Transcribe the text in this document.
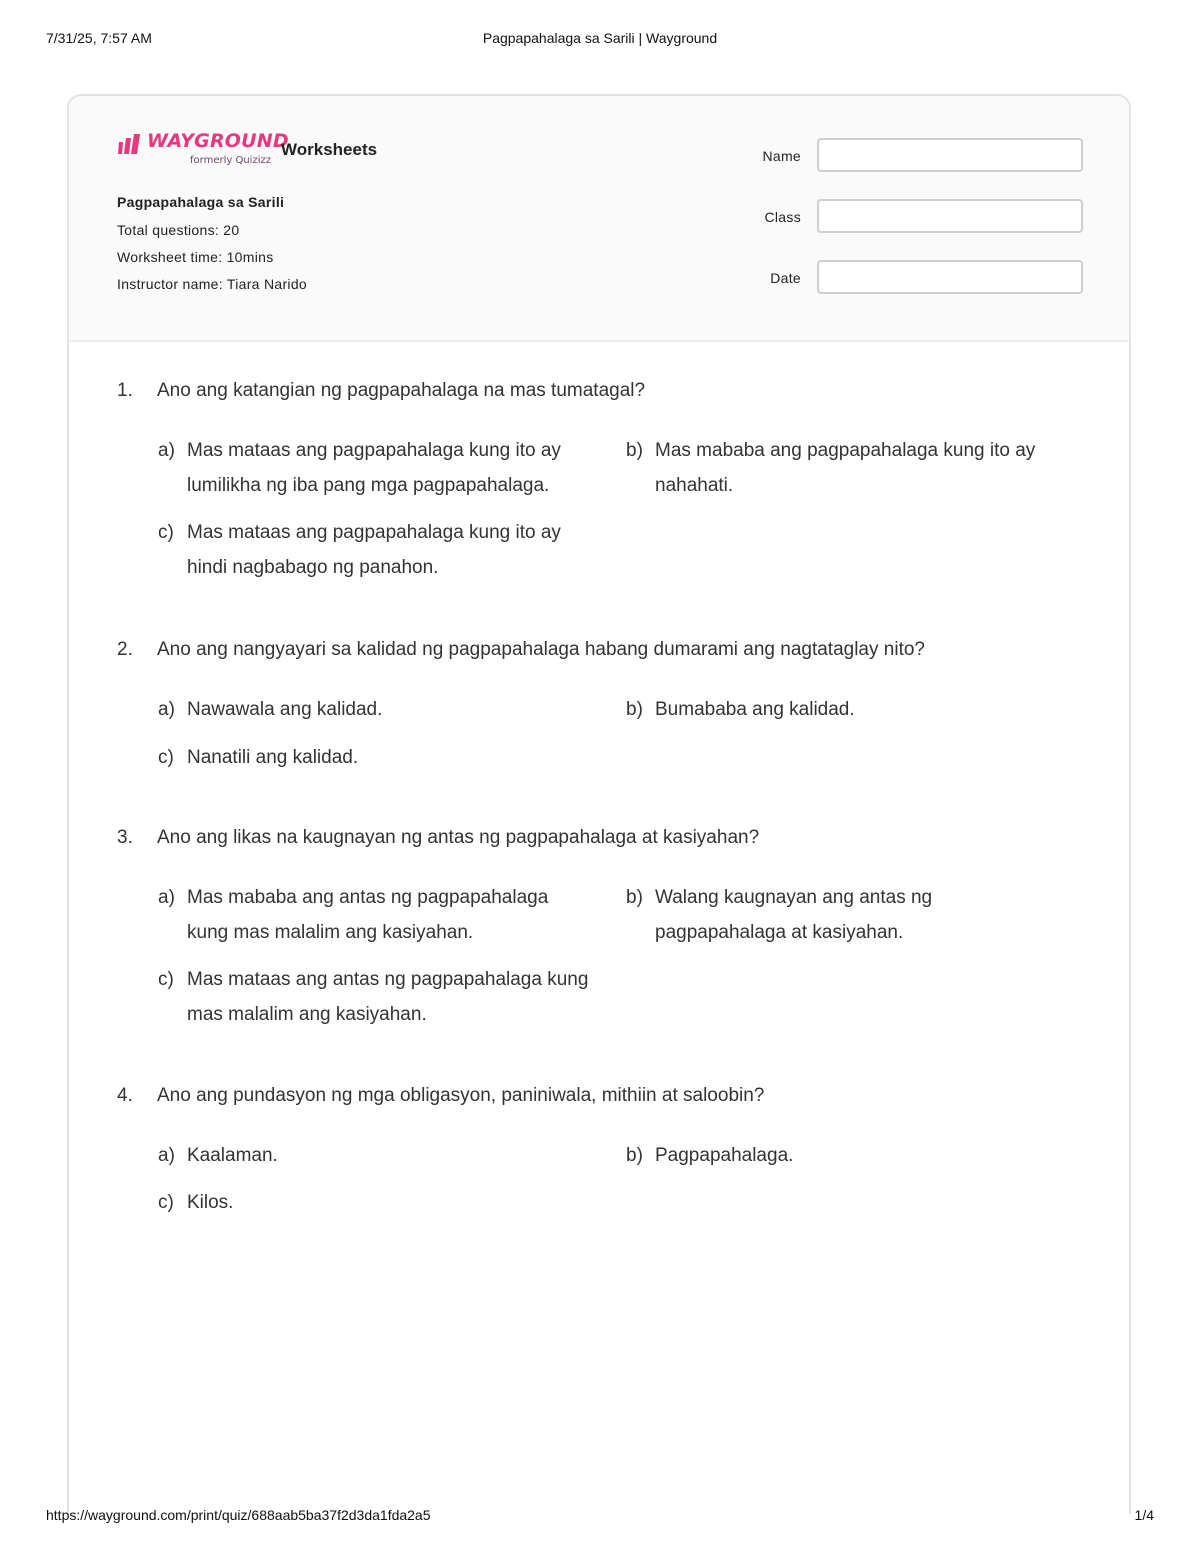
7/31/25, 7:57 AM	Pagpapahalaga sa Sarili | Wayground
WAYGROUND
formerly Quizizz
Worksheets
Pagpapahalaga sa Sarili
Total questions: 20
Worksheet time: 10mins
Instructor name: Tiara Narido
Name
Class
Date
1. Ano ang katangian ng pagpapahalaga na mas tumatagal?
a) Mas mataas ang pagpapahalaga kung ito ay lumilikha ng iba pang mga pagpapahalaga.
b) Mas mababa ang pagpapahalaga kung ito ay nahahati.
c) Mas mataas ang pagpapahalaga kung ito ay hindi nagbabago ng panahon.
2. Ano ang nangyayari sa kalidad ng pagpapahalaga habang dumarami ang nagtataglay nito?
a) Nawawala ang kalidad.	b) Bumababa ang kalidad.
c) Nanatili ang kalidad.
3. Ano ang likas na kaugnayan ng antas ng pagpapahalaga at kasiyahan?
a) Mas mababa ang antas ng pagpapahalaga kung mas malalim ang kasiyahan.
b) Walang kaugnayan ang antas ng pagpapahalaga at kasiyahan.
c) Mas mataas ang antas ng pagpapahalaga kung mas malalim ang kasiyahan.
4. Ano ang pundasyon ng mga obligasyon, paniniwala, mithiin at saloobin?
a) Kaalaman.	b) Pagpapahalaga.
c) Kilos.
https://wayground.com/print/quiz/688aab5ba37f2d3da1fda2a5	1/4
